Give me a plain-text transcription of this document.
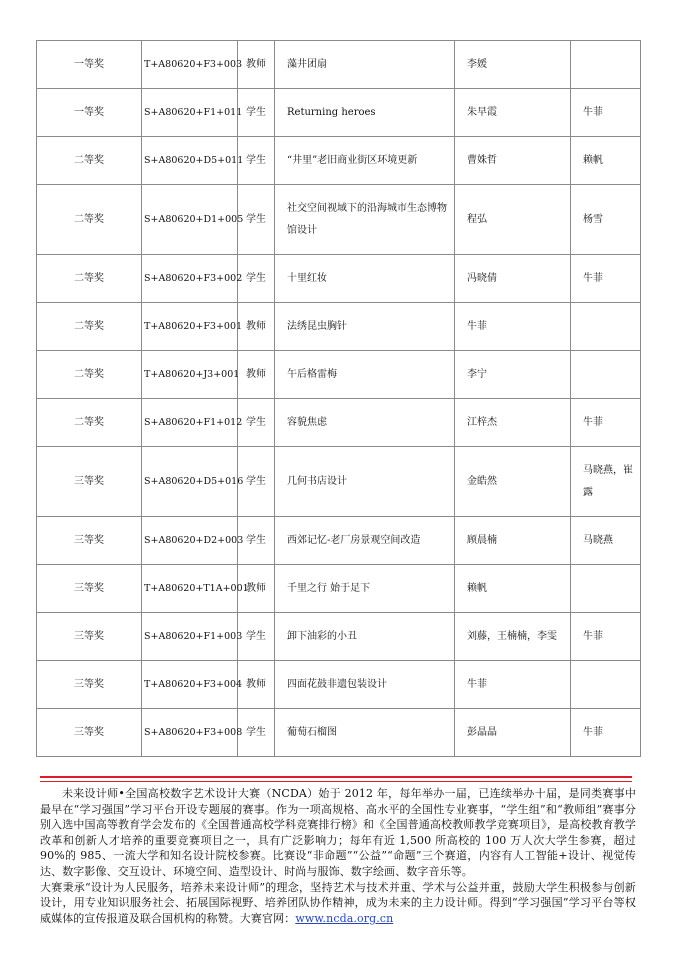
一等奖	T+A80620+F3+003	教师	藻井团扇	李媛	
一等奖	S+A80620+F1+011	学生	Returning heroes	朱早霞	牛菲
二等奖	S+A80620+D5+011	学生	“井里”老旧商业街区环境更新	曹姝哲	赖帆
二等奖	S+A80620+D1+005	学生	社交空间视域下的沿海城市生态博物馆设计	程弘	杨雪
二等奖	S+A80620+F3+002	学生	十里红妆	冯晓倩	牛菲
二等奖	T+A80620+F3+001	教师	法绣昆虫胸针	牛菲	
二等奖	T+A80620+J3+001	教师	午后格雷梅	李宁	
二等奖	S+A80620+F1+012	学生	容貌焦虑	江梓杰	牛菲
三等奖	S+A80620+D5+016	学生	几何书店设计	金皓然	马晓燕，崔露
三等奖	S+A80620+D2+003	学生	西郊记忆-老厂房景观空间改造	顾晨楠	马晓燕
三等奖	T+A80620+T1A+001	教师	千里之行 始于足下	赖帆	
三等奖	S+A80620+F1+003	学生	卸下油彩的小丑	刘藤，王楠楠，李雯	牛菲
三等奖	T+A80620+F3+004	教师	四面花鼓非遗包装设计	牛菲	
三等奖	S+A80620+F3+008	学生	葡萄石榴图	彭晶晶	牛菲

未来设计师•全国高校数字艺术设计大赛（NCDA）始于 2012 年，每年举办一届，已连续举办十届，是同类赛事中最早在“学习强国”学习平台开设专题展的赛事。作为一项高规格、高水平的全国性专业赛事，“学生组”和“教师组”赛事分别入选中国高等教育学会发布的《全国普通高校学科竞赛排行榜》和《全国普通高校教师教学竞赛项目》，是高校教育教学改革和创新人才培养的重要竞赛项目之一，具有广泛影响力；每年有近 1,500 所高校的 100 万人次大学生参赛，超过 90%的 985、一流大学和知名设计院校参赛。比赛设“非命题”“公益”“命题”三个赛道，内容有人工智能+设计、视觉传达、数字影像、交互设计、环境空间、造型设计、时尚与服饰、数字绘画、数字音乐等。

大赛秉承“设计为人民服务，培养未来设计师”的理念，坚持艺术与技术并重、学术与公益并重，鼓励大学生积极参与创新设计，用专业知识服务社会、拓展国际视野、培养团队协作精神，成为未来的主力设计师。得到“学习强国”学习平台等权威媒体的宣传报道及联合国机构的称赞。大赛官网：www.ncda.org.cn
